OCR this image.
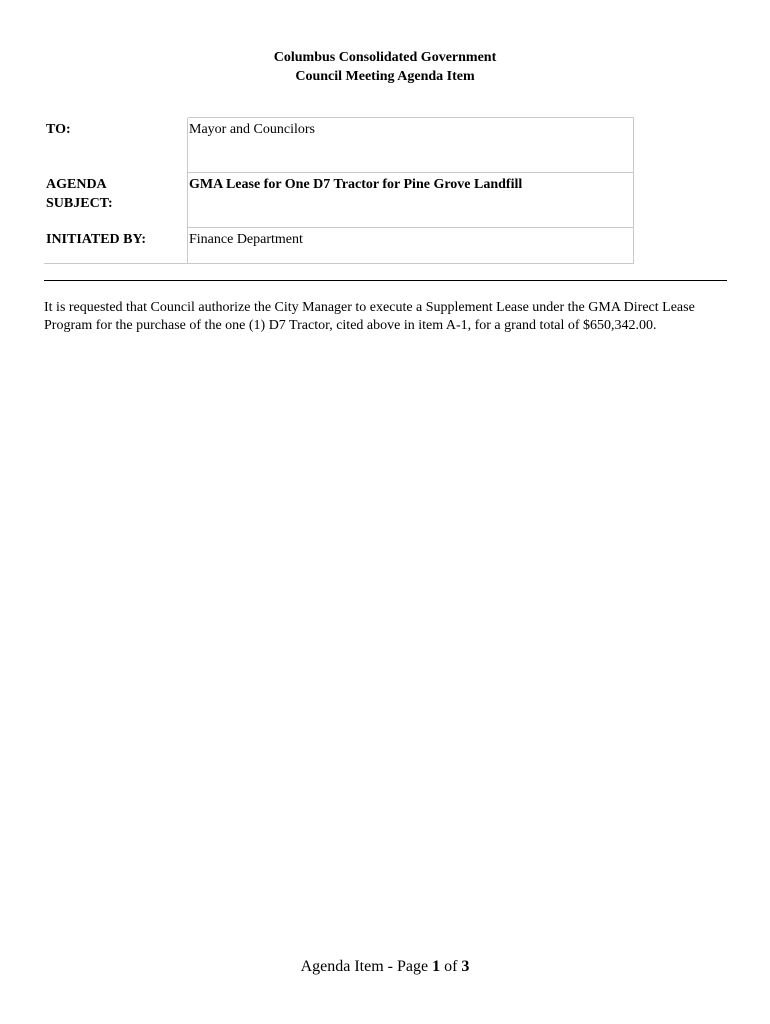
Columbus Consolidated Government
Council Meeting Agenda Item
TO:	Mayor and Councilors
AGENDA
SUBJECT:	GMA Lease for One D7 Tractor for Pine Grove Landfill
INITIATED BY:	Finance Department
It is requested that Council authorize the City Manager to execute a Supplement Lease under the GMA Direct Lease Program for the purchase of the one (1) D7 Tractor, cited above in item A-1, for a grand total of $650,342.00.
Agenda Item - Page 1 of 3
